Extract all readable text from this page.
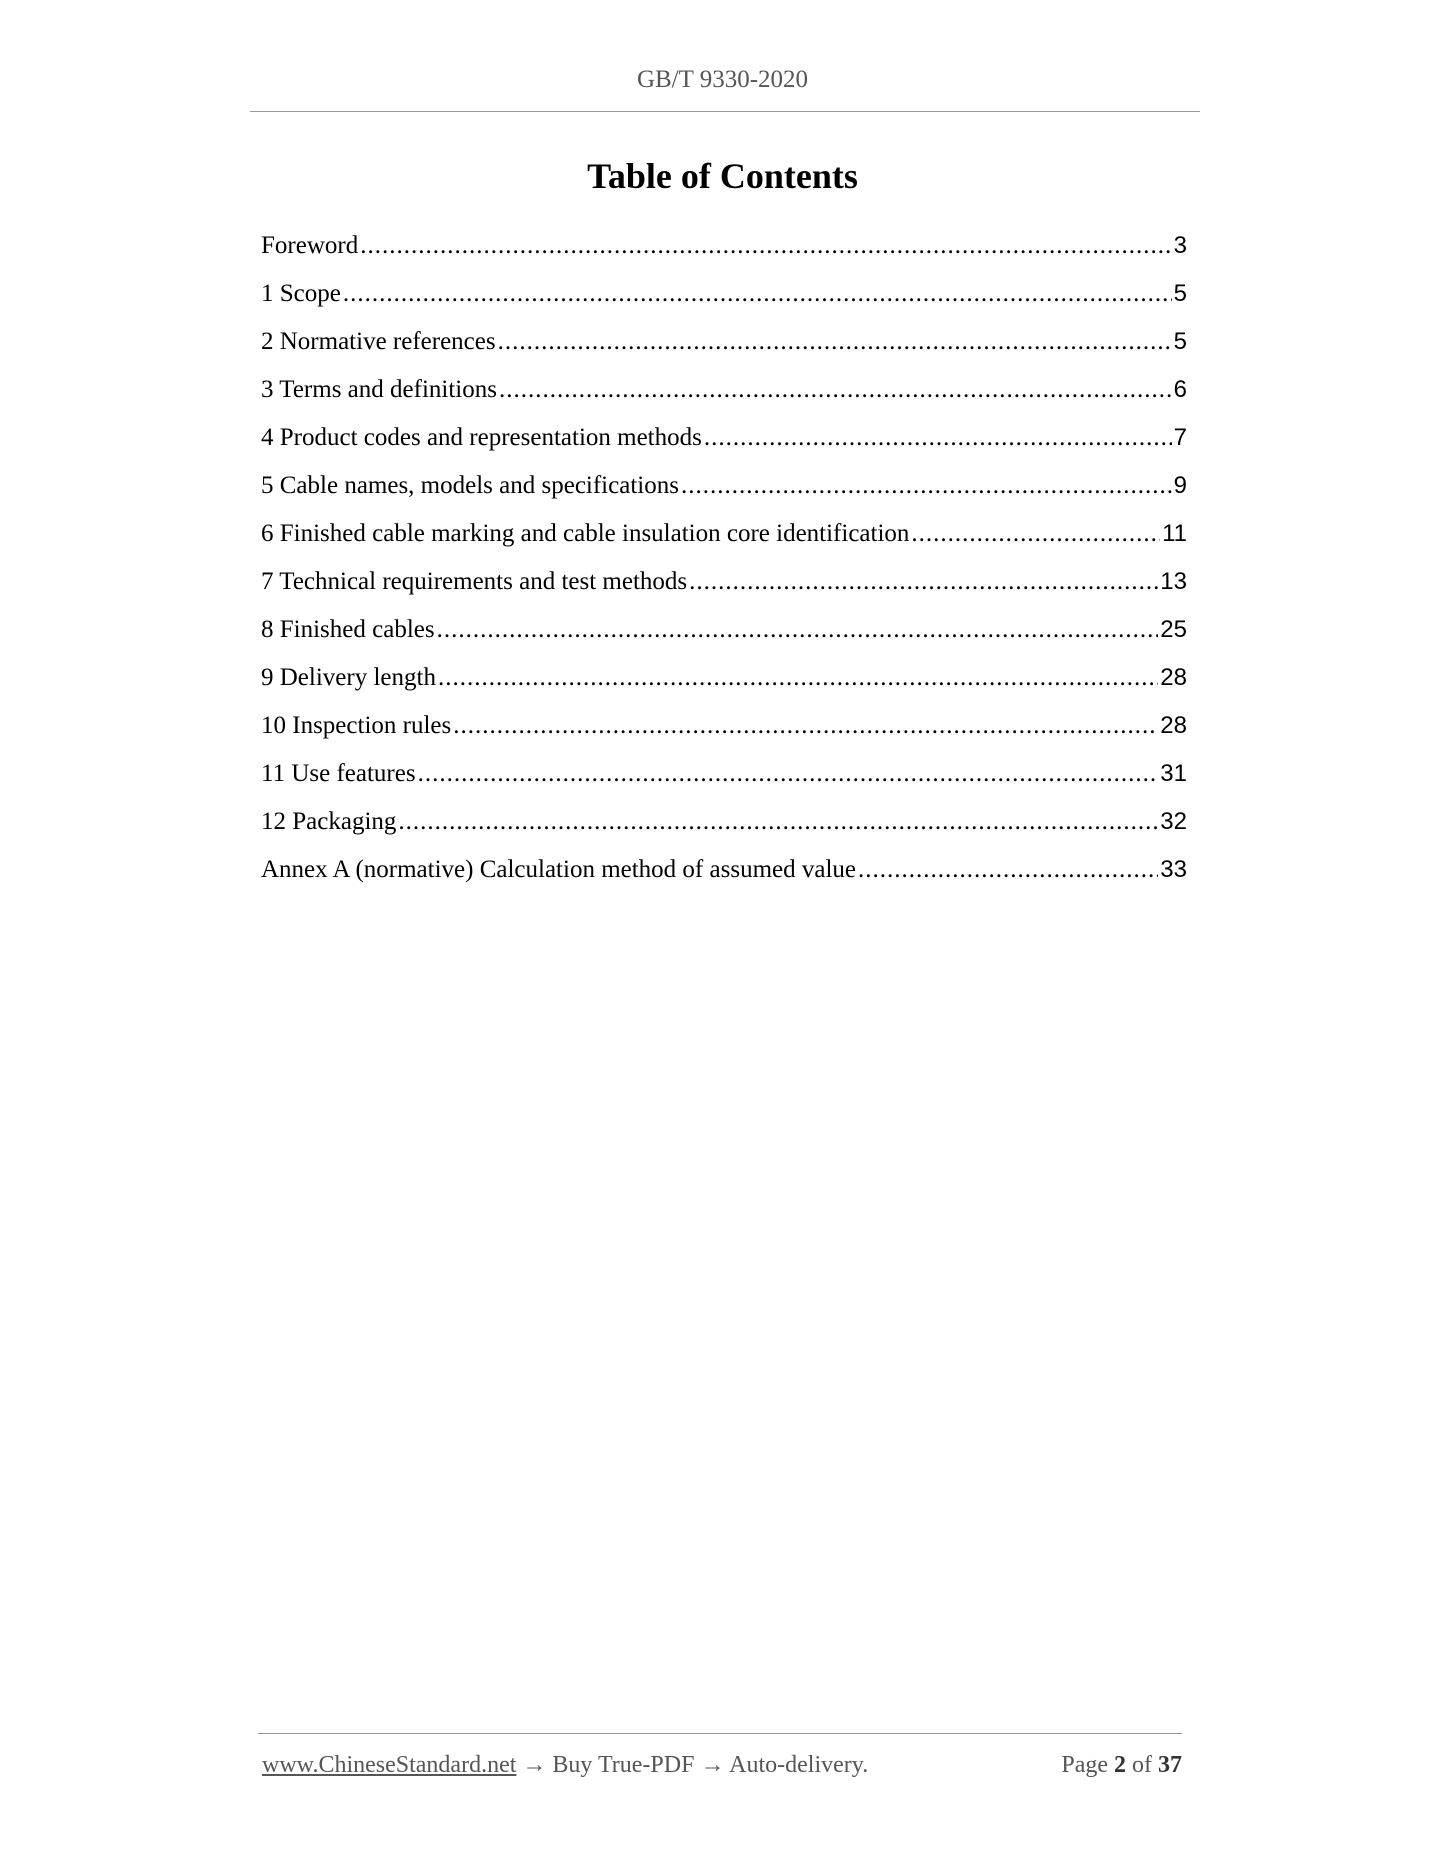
GB/T 9330-2020
Table of Contents
Foreword .....	3
1 Scope .....	5
2 Normative references .....	5
3 Terms and definitions .....	6
4 Product codes and representation methods .....	7
5 Cable names, models and specifications .....	9
6 Finished cable marking and cable insulation core identification .....	11
7 Technical requirements and test methods .....	13
8 Finished cables .....	25
9 Delivery length .....	28
10 Inspection rules .....	28
11 Use features .....	31
12 Packaging .....	32
Annex A (normative) Calculation method of assumed value .....	33
www.ChineseStandard.net → Buy True-PDF → Auto-delivery.	Page 2 of 37
